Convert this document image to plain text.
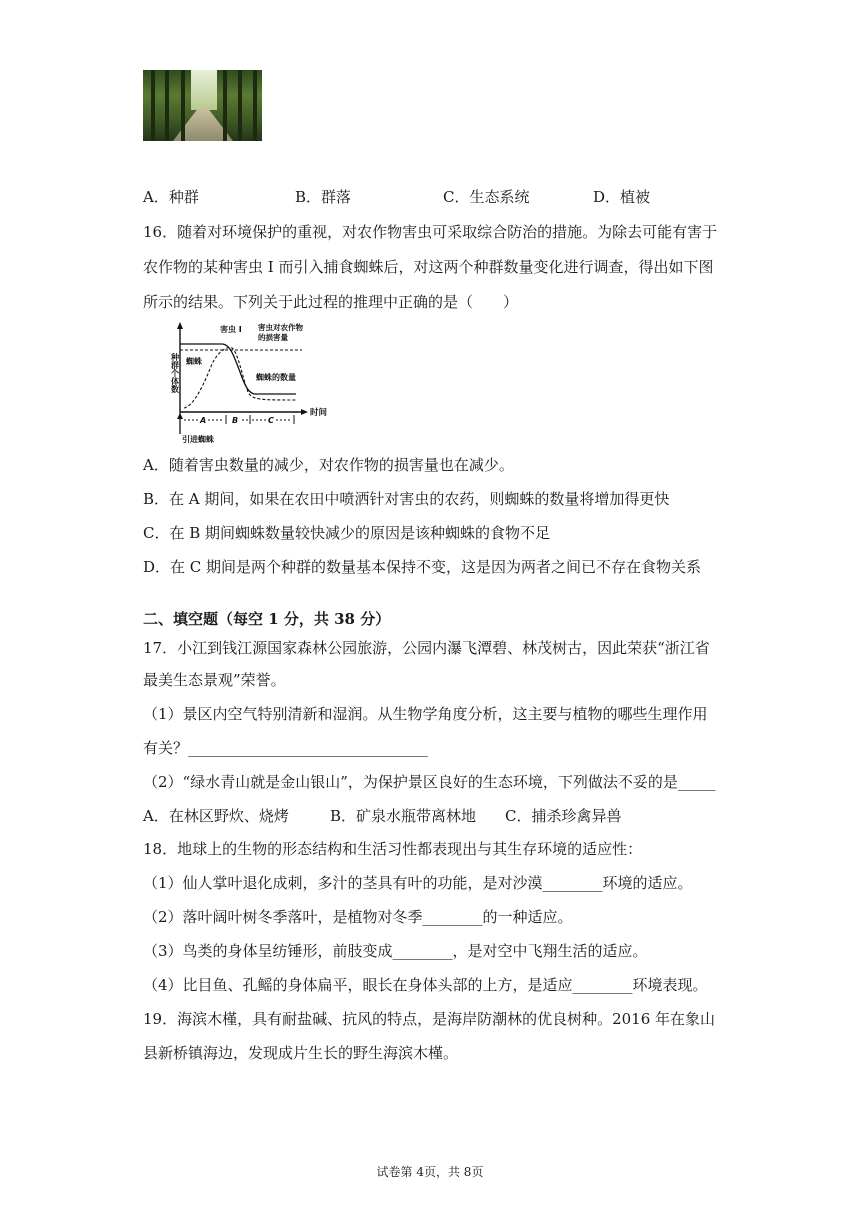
A．种群	B．群落	C．生态系统	D．植被
16．随着对环境保护的重视，对农作物害虫可采取综合防治的措施。为除去可能有害于
农作物的某种害虫 I 而引入捕食蜘蛛后，对这两个种群数量变化进行调查，得出如下图
所示的结果。下列关于此过程的推理中正确的是（　　）
种群个体数
时间
害虫 I 害虫对农作物
的损害量
蜘蛛
蜘蛛的数量
A	B	C
引进蜘蛛
A．随着害虫数量的减少，对农作物的损害量也在减少。
B．在 A 期间，如果在农田中喷洒针对害虫的农药，则蜘蛛的数量将增加得更快
C．在 B 期间蜘蛛数量较快减少的原因是该种蜘蛛的食物不足
D．在 C 期间是两个种群的数量基本保持不变，这是因为两者之间已不存在食物关系
二、填空题（每空 1 分，共 38 分）
17．小江到钱江源国家森林公园旅游，公园内瀑飞潭碧、林茂树古，因此荣获“浙江省
最美生态景观”荣誉。
（1）景区内空气特别清新和湿润。从生物学角度分析，这主要与植物的哪些生理作用
有关？________________________________
（2）“绿水青山就是金山银山”，为保护景区良好的生态环境，下列做法不妥的是_____
A．在林区野炊、烧烤	B．矿泉水瓶带离林地 C．捕杀珍禽异兽
18．地球上的生物的形态结构和生活习性都表现出与其生存环境的适应性：
（1）仙人掌叶退化成刺，多汁的茎具有叶的功能，是对沙漠________环境的适应。
（2）落叶阔叶树冬季落叶，是植物对冬季________的一种适应。
（3）鸟类的身体呈纺锤形，前肢变成________，是对空中飞翔生活的适应。
（4）比目鱼、孔鳐的身体扁平，眼长在身体头部的上方，是适应________环境表现。
19．海滨木槿，具有耐盐碱、抗风的特点，是海岸防潮林的优良树种。2016 年在象山
县新桥镇海边，发现成片生长的野生海滨木槿。
试卷第 4页，共 8页
